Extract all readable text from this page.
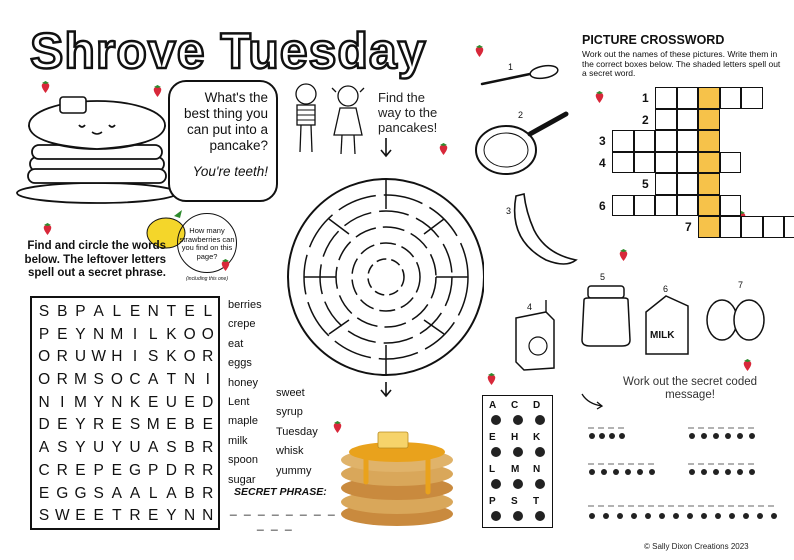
Shrove Tuesday
What's the best thing you can put into a pancake?
You're teeth!
How many strawberries can you find on this page?
(including this one)
Find and circle the words below. The leftover letters spell out a secret phrase.
S B P A L E N T E L
P E Y N M I L K O O
O R U W H I S K O R
O R M S O C A T N I
N I M Y N K E U E D
D E Y R E S M E B E
A S Y U Y U A S B R
C R E P E G P D R R
E G G S A A L A B R
S W E E T R E Y N N
berries
crepe
eat
eggs
honey
Lent
maple
milk
spoon
sugar
sweet
syrup
Tuesday
whisk
yummy
SECRET PHRASE:
_ _ _ _ _ _ _ _
_ _ _
Find the way to the pancakes!
PICTURE CROSSWORD
Work out the names of these pictures. Write them in the correct boxes below. The shaded letters spell out a secret word.
1
2
3
4
5
6
7
MILK
1
2
3
4
5
6	7
Work out the secret coded message!
A C D
E H K
L M N
P S T
© Sally Dixon Creations 2023
